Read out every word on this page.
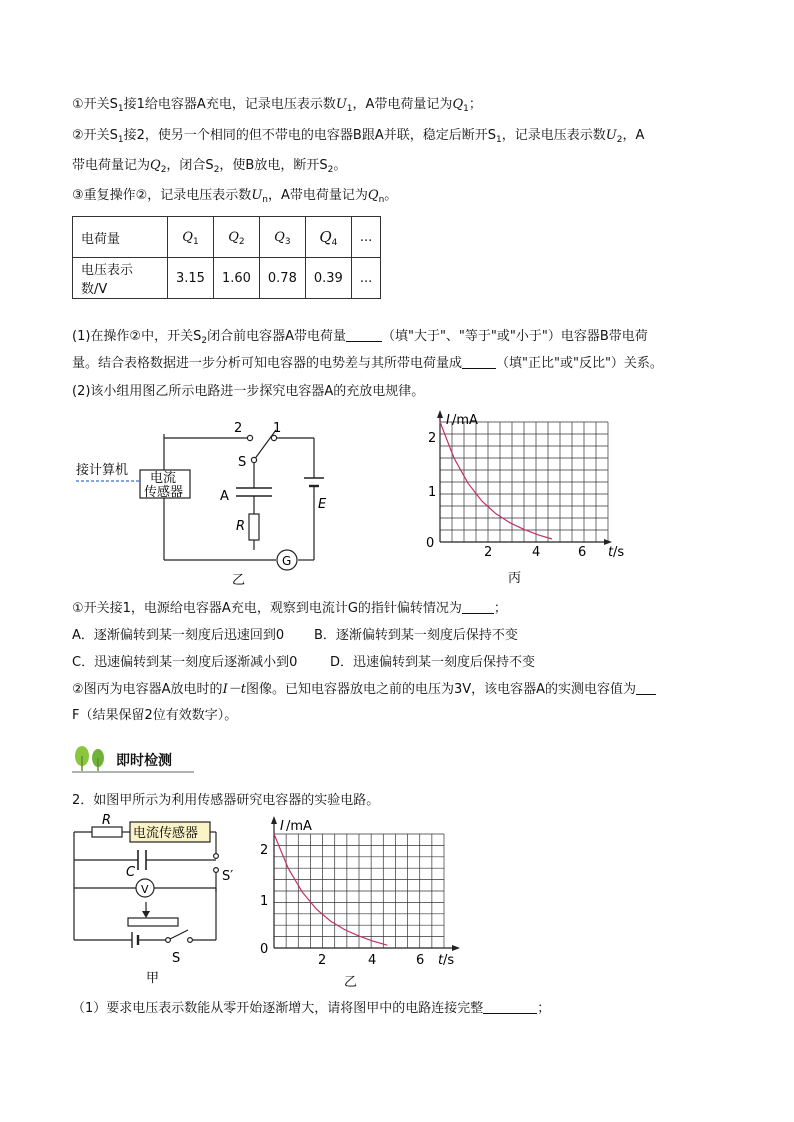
①开关$S_1$接1给电容器A充电，记录电压表示数$U_1$，A带电荷量记为$Q_1$；
②开关$S_1$接2，使另一个相同的但不带电的电容器B跟A并联，稳定后断开$S_1$，记录电压表示数$U_2$，A
带电荷量记为$Q_2$，闭合$S_2$，使B放电，断开$S_2$。
③重复操作②，记录电压表示数$U_n$，A带电荷量记为$Q_n$。
电荷量	$Q_1$	$Q_2$	$Q_3$	$Q_4$	...
电压表示数/V	3.15	1.60	0.78	0.39	...
(1)在操作②中，开关$S_2$闭合前电容器A带电荷量	（填"大于"、"等于"或"小于"）电容器B带电荷
量。结合表格数据进一步分析可知电容器的电势差与其所带电荷量成	（填"正比"或"反比"）关系。
(2)该小组用图乙所示电路进一步探究电容器A的充放电规律。
2 1
S
接计算机
电流
传感器	A
R
E
G
乙
I /mA
2
1
0
2	4	6 t /s
丙
①开关接1，电源给电容器A充电，观察到电流计G的指针偏转情况为 ；
A．逐渐偏转到某一刻度后迅速回到0 B．逐渐偏转到某一刻度后保持不变
C．迅速偏转到某一刻度后逐渐减小到0	D．迅速偏转到某一刻度后保持不变
②图丙为电容器A放电时的I－t图像。已知电容器放电之前的电压为3V，该电容器A的实测电容值为
F（结果保留2位有效数字）。
即时检测
2．如图甲所示为利用传感器研究电容器的实验电路。
R
电流传感器
C	S′
V
S
甲
I /mA
2
1
0
2	4	6 t /s
乙
（1）要求电压表示数能从零开始逐渐增大，请将图甲中的电路连接完整	；
